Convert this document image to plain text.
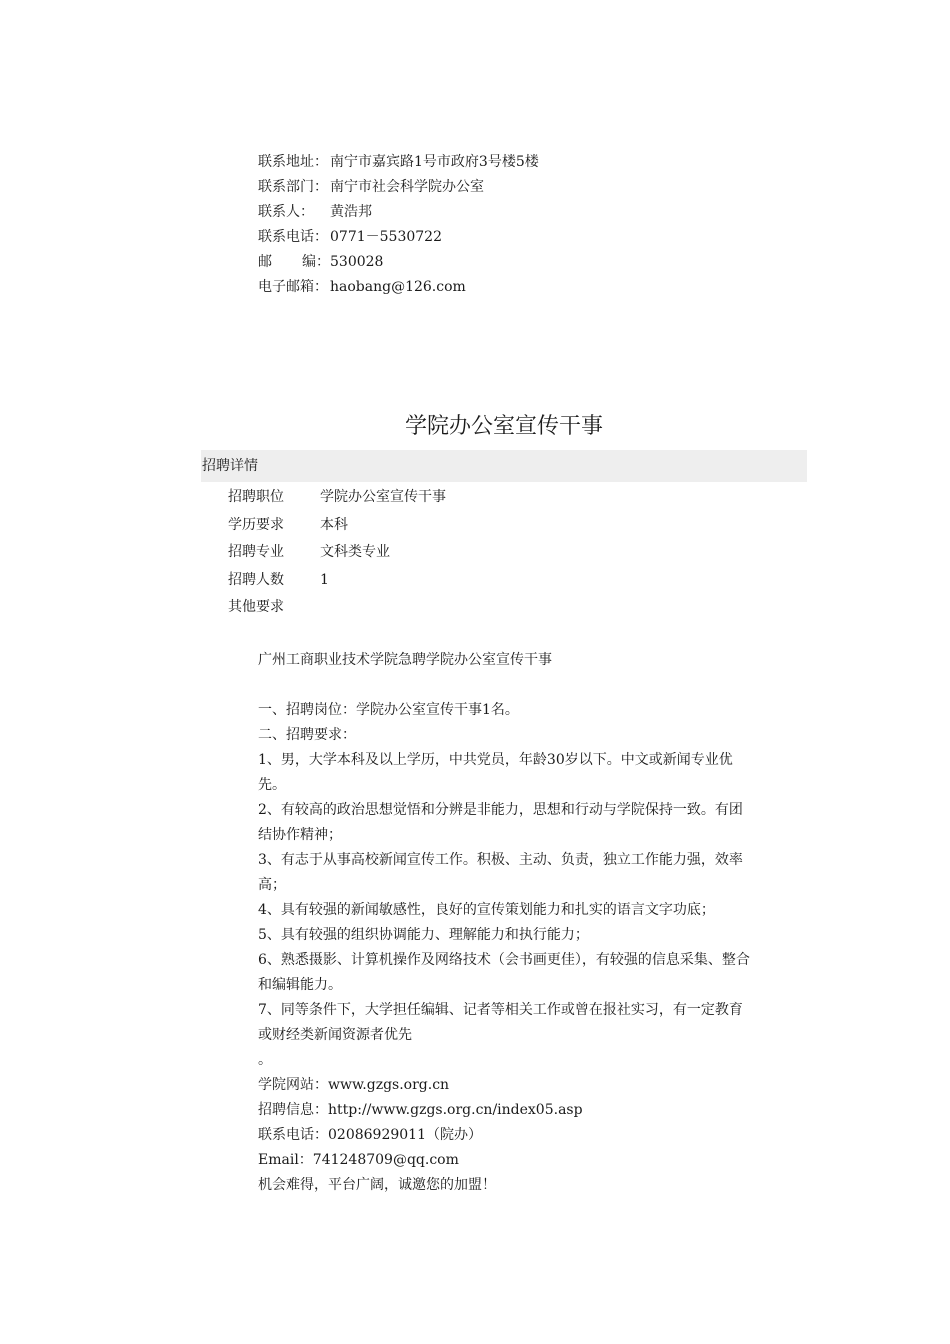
联系地址： 南宁市嘉宾路1号市政府3号楼5楼
联系部门： 南宁市社会科学院办公室
联系人： 黄浩邦
联系电话： 0771－5530722
邮 编： 530028
电子邮箱： haobang@126.com
学院办公室宣传干事
招聘详情
招聘职位	学院办公室宣传干事
学历要求	本科
招聘专业	文科类专业
招聘人数	1
其他要求

广州工商职业技术学院急聘学院办公室宣传干事

一、招聘岗位：学院办公室宣传干事1名。

二、招聘要求：

1、男，大学本科及以上学历，中共党员，年龄30岁以下。中文或新闻专业优先。

2、有较高的政治思想觉悟和分辨是非能力，思想和行动与学院保持一致。有团结协作精神；

3、有志于从事高校新闻宣传工作。积极、主动、负责，独立工作能力强，效率高；

4、具有较强的新闻敏感性，良好的宣传策划能力和扎实的语言文字功底；

5、具有较强的组织协调能力、理解能力和执行能力；

6、熟悉摄影、计算机操作及网络技术（会书画更佳），有较强的信息采集、整合和编辑能力。

7、同等条件下，大学担任编辑、记者等相关工作或曾在报社实习，有一定教育或财经类新闻资源者优先

。

学院网站：www.gzgs.org.cn

招聘信息：http://www.gzgs.org.cn/index05.asp

联系电话：02086929011（院办）

Email：741248709@qq.com

机会难得，平台广阔，诚邀您的加盟！
